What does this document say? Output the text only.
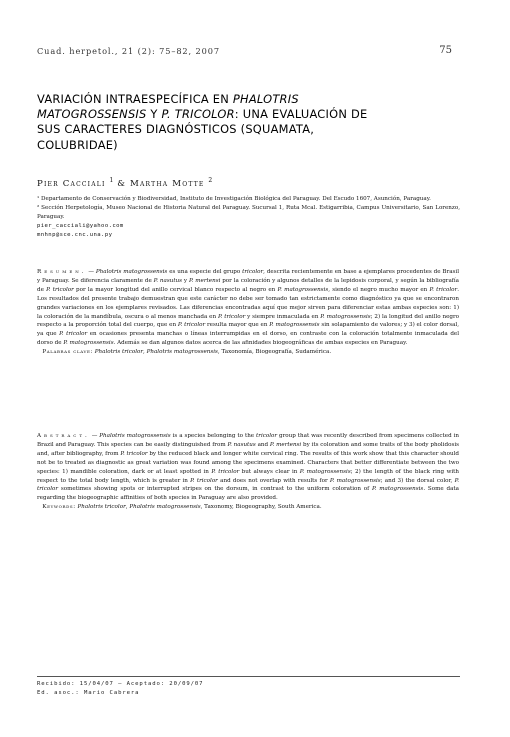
Cuad. herpetol., 21 (2): 75–82, 2007	75
VARIACIÓN INTRAESPECÍFICA EN PHALOTRIS
MATOGROSSENSIS Y P. TRICOLOR: UNA EVALUACIÓN DE
SUS CARACTERES DIAGNÓSTICOS (SQUAMATA,
COLUBRIDAE)
Pier Cacciali $^1$ & Martha Motte $^2$

¹ Departamento de Conservación y Biodiversidad, Instituto de Investigación Biológica del Paraguay. Del Escudo 1607, Asunción, Paraguay.

² Sección Herpetología, Museo Nacional de Historia Natural del Paraguay. Sucursal 1, Ruta Mcal. Estigarribia, Campus Universitario, San Lorenzo, Paraguay.

pier_cacciali@yahoo.com

mnhnp@sce.cnc.una.py

Resumen. — Phalotris matogrossensis es una especie del grupo tricolor, descrita recientemente en base a ejemplares procedentes de Brasil y Paraguay. Se diferencia claramente de P. nasutus y P. mertensi por la coloración y algunos detalles de la lepidosis corporal, y según la bibliografía de P. tricolor por la mayor longitud del anillo cervical blanco respecto al negro en P. matogrossensis, siendo el negro mucho mayor en P. tricolor. Los resultados del presente trabajo demuestran que este carácter no debe ser tomado tan estrictamente como diagnóstico ya que se encontraron grandes variaciones en los ejemplares revisados. Las diferencias encontradas aquí que mejor sirven para diferenciar estas ambas especies son: 1) la coloración de la mandíbula, oscura o al menos manchada en P. tricolor y siempre inmaculada en P. matogrossensis; 2) la longitud del anillo negro respecto a la proporción total del cuerpo, que en P. tricolor resulta mayor que en P. matogrossensis sin solapamiento de valores; y 3) el color dorsal, ya que P. tricolor en ocasiones presenta manchas o líneas interrumpidas en el dorso, en contraste con la coloración totalmente inmaculada del dorso de P. matogrossensis. Además se dan algunos datos acerca de las afinidades biogeográficas de ambas especies en Paraguay.

Palabras clave: Phalotris tricolor, Phalotris matogrossensis, Taxonomía, Biogeografía, Sudamérica.

Abstract. — Phalotris matogrossensis is a species belonging to the tricolor group that was recently described from specimens collected in Brazil and Paraguay. This species can be easily distinguished from P. nasutus and P. mertensi by its coloration and some traits of the body pholidosis and, after bibliography, from P. tricolor by the reduced black and longer white cervical ring. The results of this work show that this character should not be to treated as diagnostic as great variation was found among the specimens examined. Characters that better differentiate between the two species: 1) mandible coloration, dark or at least spotted in P. tricolor but always clear in P. matogrossensis; 2) the length of the black ring with respect to the total body length, which is greater in P. tricolor and does not overlap with results for P. matogrossensis; and 3) the dorsal color, P. tricolor sometimes showing spots or interrupted stripes on the dorsum, in contrast to the uniform coloration of P. matogrossensis. Some data regarding the biogeographic affinities of both species in Paraguay are also provided.

Keywords: Phalotris tricolor, Phalotris matogrossensis, Taxonomy, Biogeography, South America.

Recibido: 15/04/07 — Aceptado: 20/09/07
Ed. asoc.: Mario Cabrera
